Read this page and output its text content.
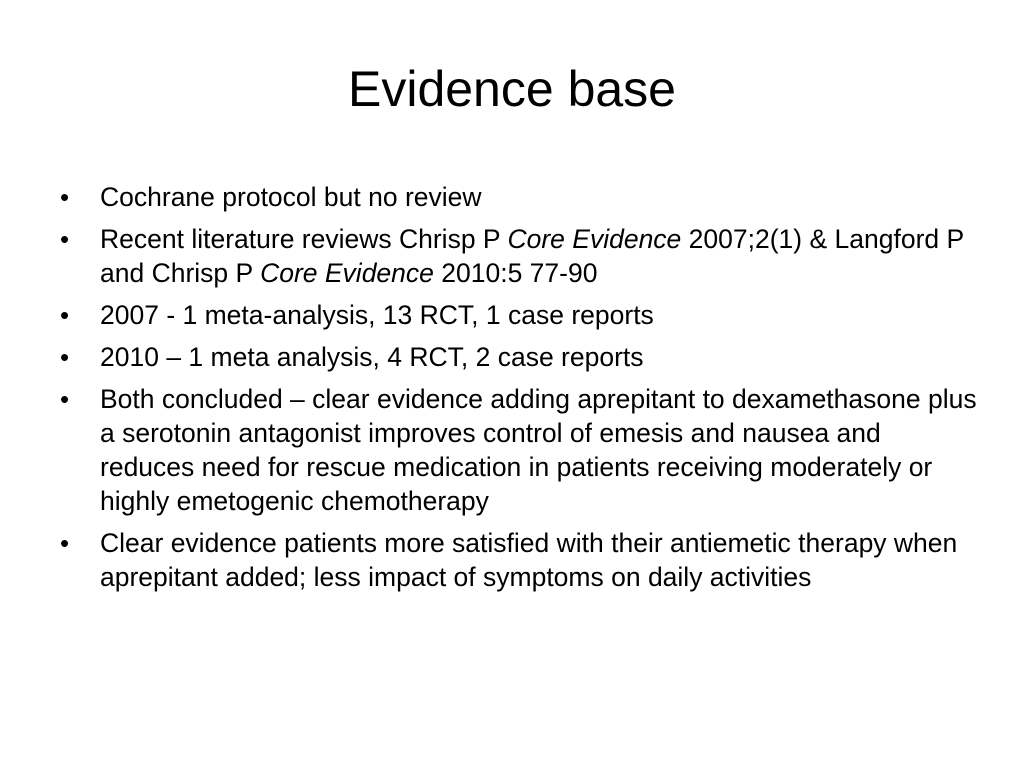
Evidence base
•	Cochrane protocol but no review
•	Recent literature reviews Chrisp P Core Evidence 2007;2(1) & Langford P and Chrisp P Core Evidence 2010:5 77-90
•	2007 - 1 meta-analysis, 13 RCT, 1 case reports
•	2010 – 1 meta analysis, 4 RCT, 2 case reports
•	Both concluded – clear evidence adding aprepitant to dexamethasone plus a serotonin antagonist improves control of emesis and nausea and reduces need for rescue medication in patients receiving moderately or highly emetogenic chemotherapy
•	Clear evidence patients more satisfied with their antiemetic therapy when aprepitant added; less impact of symptoms on daily activities
